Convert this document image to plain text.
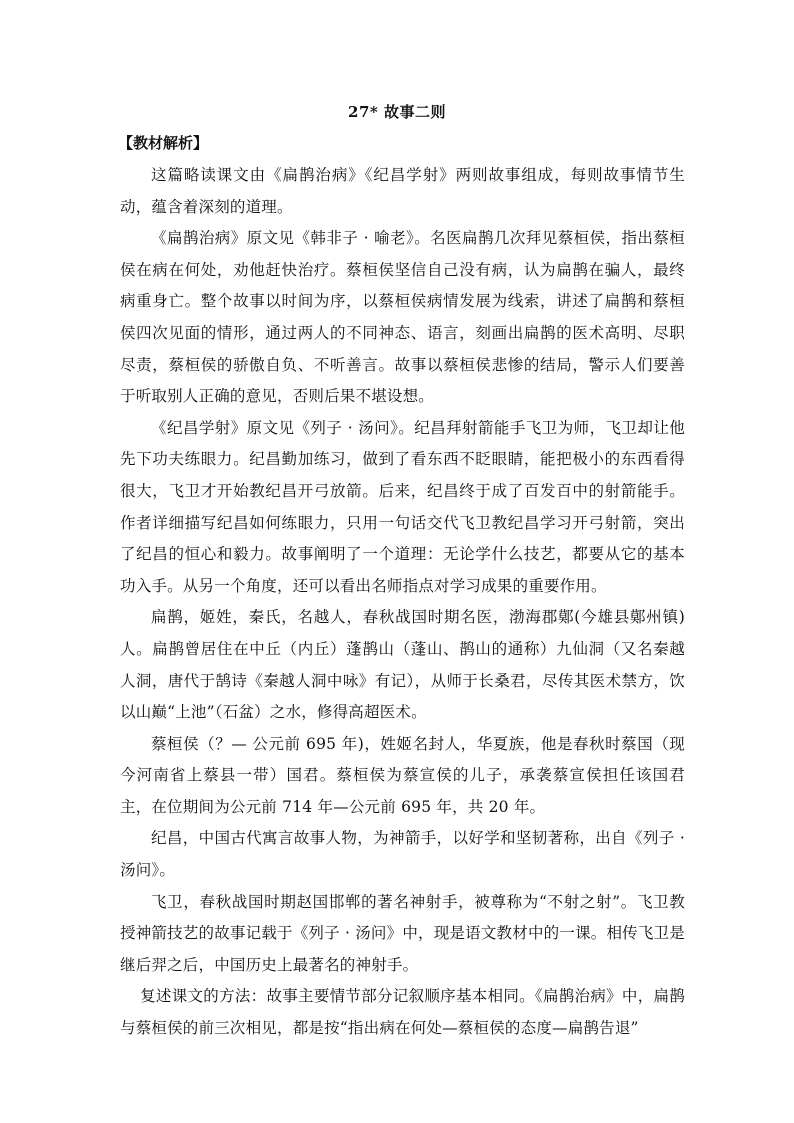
27* 故事二则
【教材解析】

这篇略读课文由《扁鹊治病》《纪昌学射》两则故事组成，每则故事情节生动，蕴含着深刻的道理。

《扁鹊治病》原文见《韩非子 · 喻老》。名医扁鹊几次拜见蔡桓侯，指出蔡桓侯在病在何处，劝他赶快治疗。蔡桓侯坚信自己没有病，认为扁鹊在骗人，最终病重身亡。整个故事以时间为序，以蔡桓侯病情发展为线索，讲述了扁鹊和蔡桓侯四次见面的情形，通过两人的不同神态、语言，刻画出扁鹊的医术高明、尽职尽责，蔡桓侯的骄傲自负、不听善言。故事以蔡桓侯悲惨的结局，警示人们要善于听取别人正确的意见，否则后果不堪设想。

《纪昌学射》原文见《列子 · 汤问》。纪昌拜射箭能手飞卫为师，飞卫却让他先下功夫练眼力。纪昌勤加练习，做到了看东西不眨眼睛，能把极小的东西看得很大，飞卫才开始教纪昌开弓放箭。后来，纪昌终于成了百发百中的射箭能手。作者详细描写纪昌如何练眼力，只用一句话交代飞卫教纪昌学习开弓射箭，突出了纪昌的恒心和毅力。故事阐明了一个道理：无论学什么技艺，都要从它的基本功入手。从另一个角度，还可以看出名师指点对学习成果的重要作用。

扁鹊，姬姓，秦氏，名越人，春秋战国时期名医，渤海郡鄚(今雄县鄚州镇)人。扁鹊曾居住在中丘（内丘）蓬鹊山（蓬山、鹊山的通称）九仙洞（又名秦越人洞，唐代于鹄诗《秦越人洞中咏》有记），从师于长桑君，尽传其医术禁方，饮以山巅“上池”（石盆）之水，修得高超医术。

蔡桓侯（？— 公元前 695 年)，姓姬名封人，华夏族，他是春秋时蔡国（现今河南省上蔡县一带）国君。蔡桓侯为蔡宣侯的儿子，承袭蔡宣侯担任该国君主，在位期间为公元前 714 年—公元前 695 年，共 20 年。

纪昌，中国古代寓言故事人物，为神箭手，以好学和坚韧著称，出自《列子 · 汤问》。

飞卫，春秋战国时期赵国邯郸的著名神射手，被尊称为“不射之射”。飞卫教授神箭技艺的故事记载于《列子 · 汤问》中，现是语文教材中的一课。相传飞卫是继后羿之后，中国历史上最著名的神射手。

复述课文的方法：故事主要情节部分记叙顺序基本相同。《扁鹊治病》中，扁鹊与蔡桓侯的前三次相见，都是按“指出病在何处—蔡桓侯的态度—扁鹊告退”
